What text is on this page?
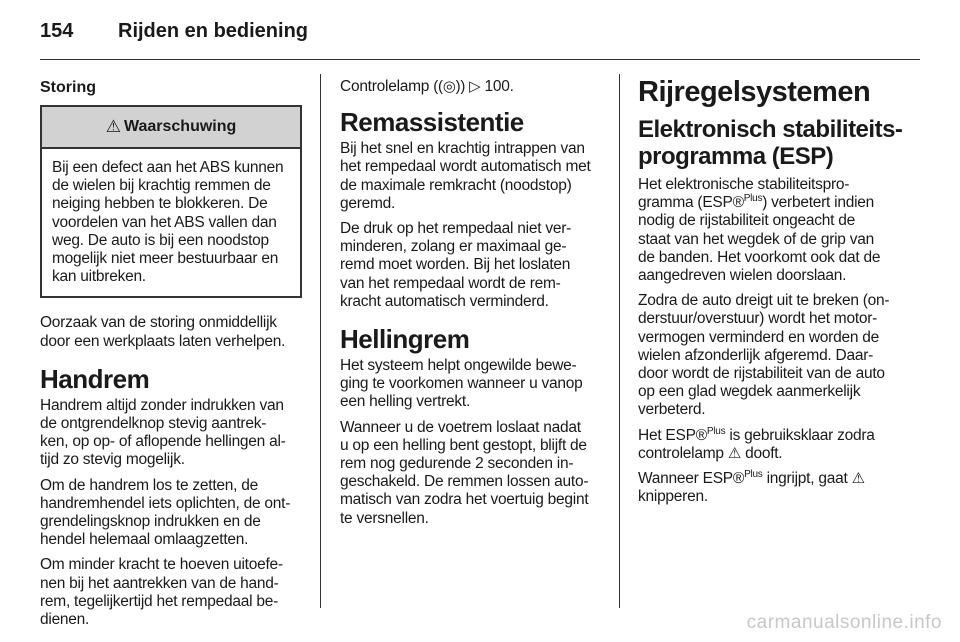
154 Rijden en bediening
Storing
⚠ Waarschuwing

Bij een defect aan het ABS kunnen
de wielen bij krachtig remmen de
neiging hebben te blokkeren. De
voordelen van het ABS vallen dan
weg. De auto is bij een noodstop
mogelijk niet meer bestuurbaar en
kan uitbreken.

Oorzaak van de storing onmiddellijk
door een werkplaats laten verhelpen.

Handrem

Handrem altijd zonder indrukken van
de ontgrendelknop stevig aantrek-
ken, op op- of aflopende hellingen al-
tijd zo stevig mogelijk.

Om de handrem los te zetten, de
handremhendel iets oplichten, de ont-
grendelingsknop indrukken en de
hendel helemaal omlaagzetten.

Om minder kracht te hoeven uitoefe-
nen bij het aantrekken van de hand-
rem, tegelijkertijd het rempedaal be-
dienen.

Controlelamp ((◎)) ▷ 100.

Remassistentie

Bij het snel en krachtig intrappen van
het rempedaal wordt automatisch met
de maximale remkracht (noodstop)
geremd.

De druk op het rempedaal niet ver-
minderen, zolang er maximaal ge-
remd moet worden. Bij het loslaten
van het rempedaal wordt de rem-
kracht automatisch verminderd.

Hellingrem

Het systeem helpt ongewilde bewe-
ging te voorkomen wanneer u vanop
een helling vertrekt.

Wanneer u de voetrem loslaat nadat
u op een helling bent gestopt, blijft de
rem nog gedurende 2 seconden in-
geschakeld. De remmen lossen auto-
matisch van zodra het voertuig begint
te versnellen.

Rijregelsystemen
Elektronisch stabiliteits-
programma (ESP)

Het elektronische stabiliteitspro-
gramma (ESP®$^{Plus}$) verbetert indien
nodig de rijstabiliteit ongeacht de
staat van het wegdek of de grip van
de banden. Het voorkomt ook dat de
aangedreven wielen doorslaan.

Zodra de auto dreigt uit te breken (on-
derstuur/overstuur) wordt het motor-
vermogen verminderd en worden de
wielen afzonderlijk afgeremd. Daar-
door wordt de rijstabiliteit van de auto
op een glad wegdek aanmerkelijk
verbeterd.

Het ESP®$^{Plus}$ is gebruiksklaar zodra
controlelamp ⚠ dooft.

Wanneer ESP®$^{Plus}$ ingrijpt, gaat ⚠
knipperen.

carmanualsonline.info
